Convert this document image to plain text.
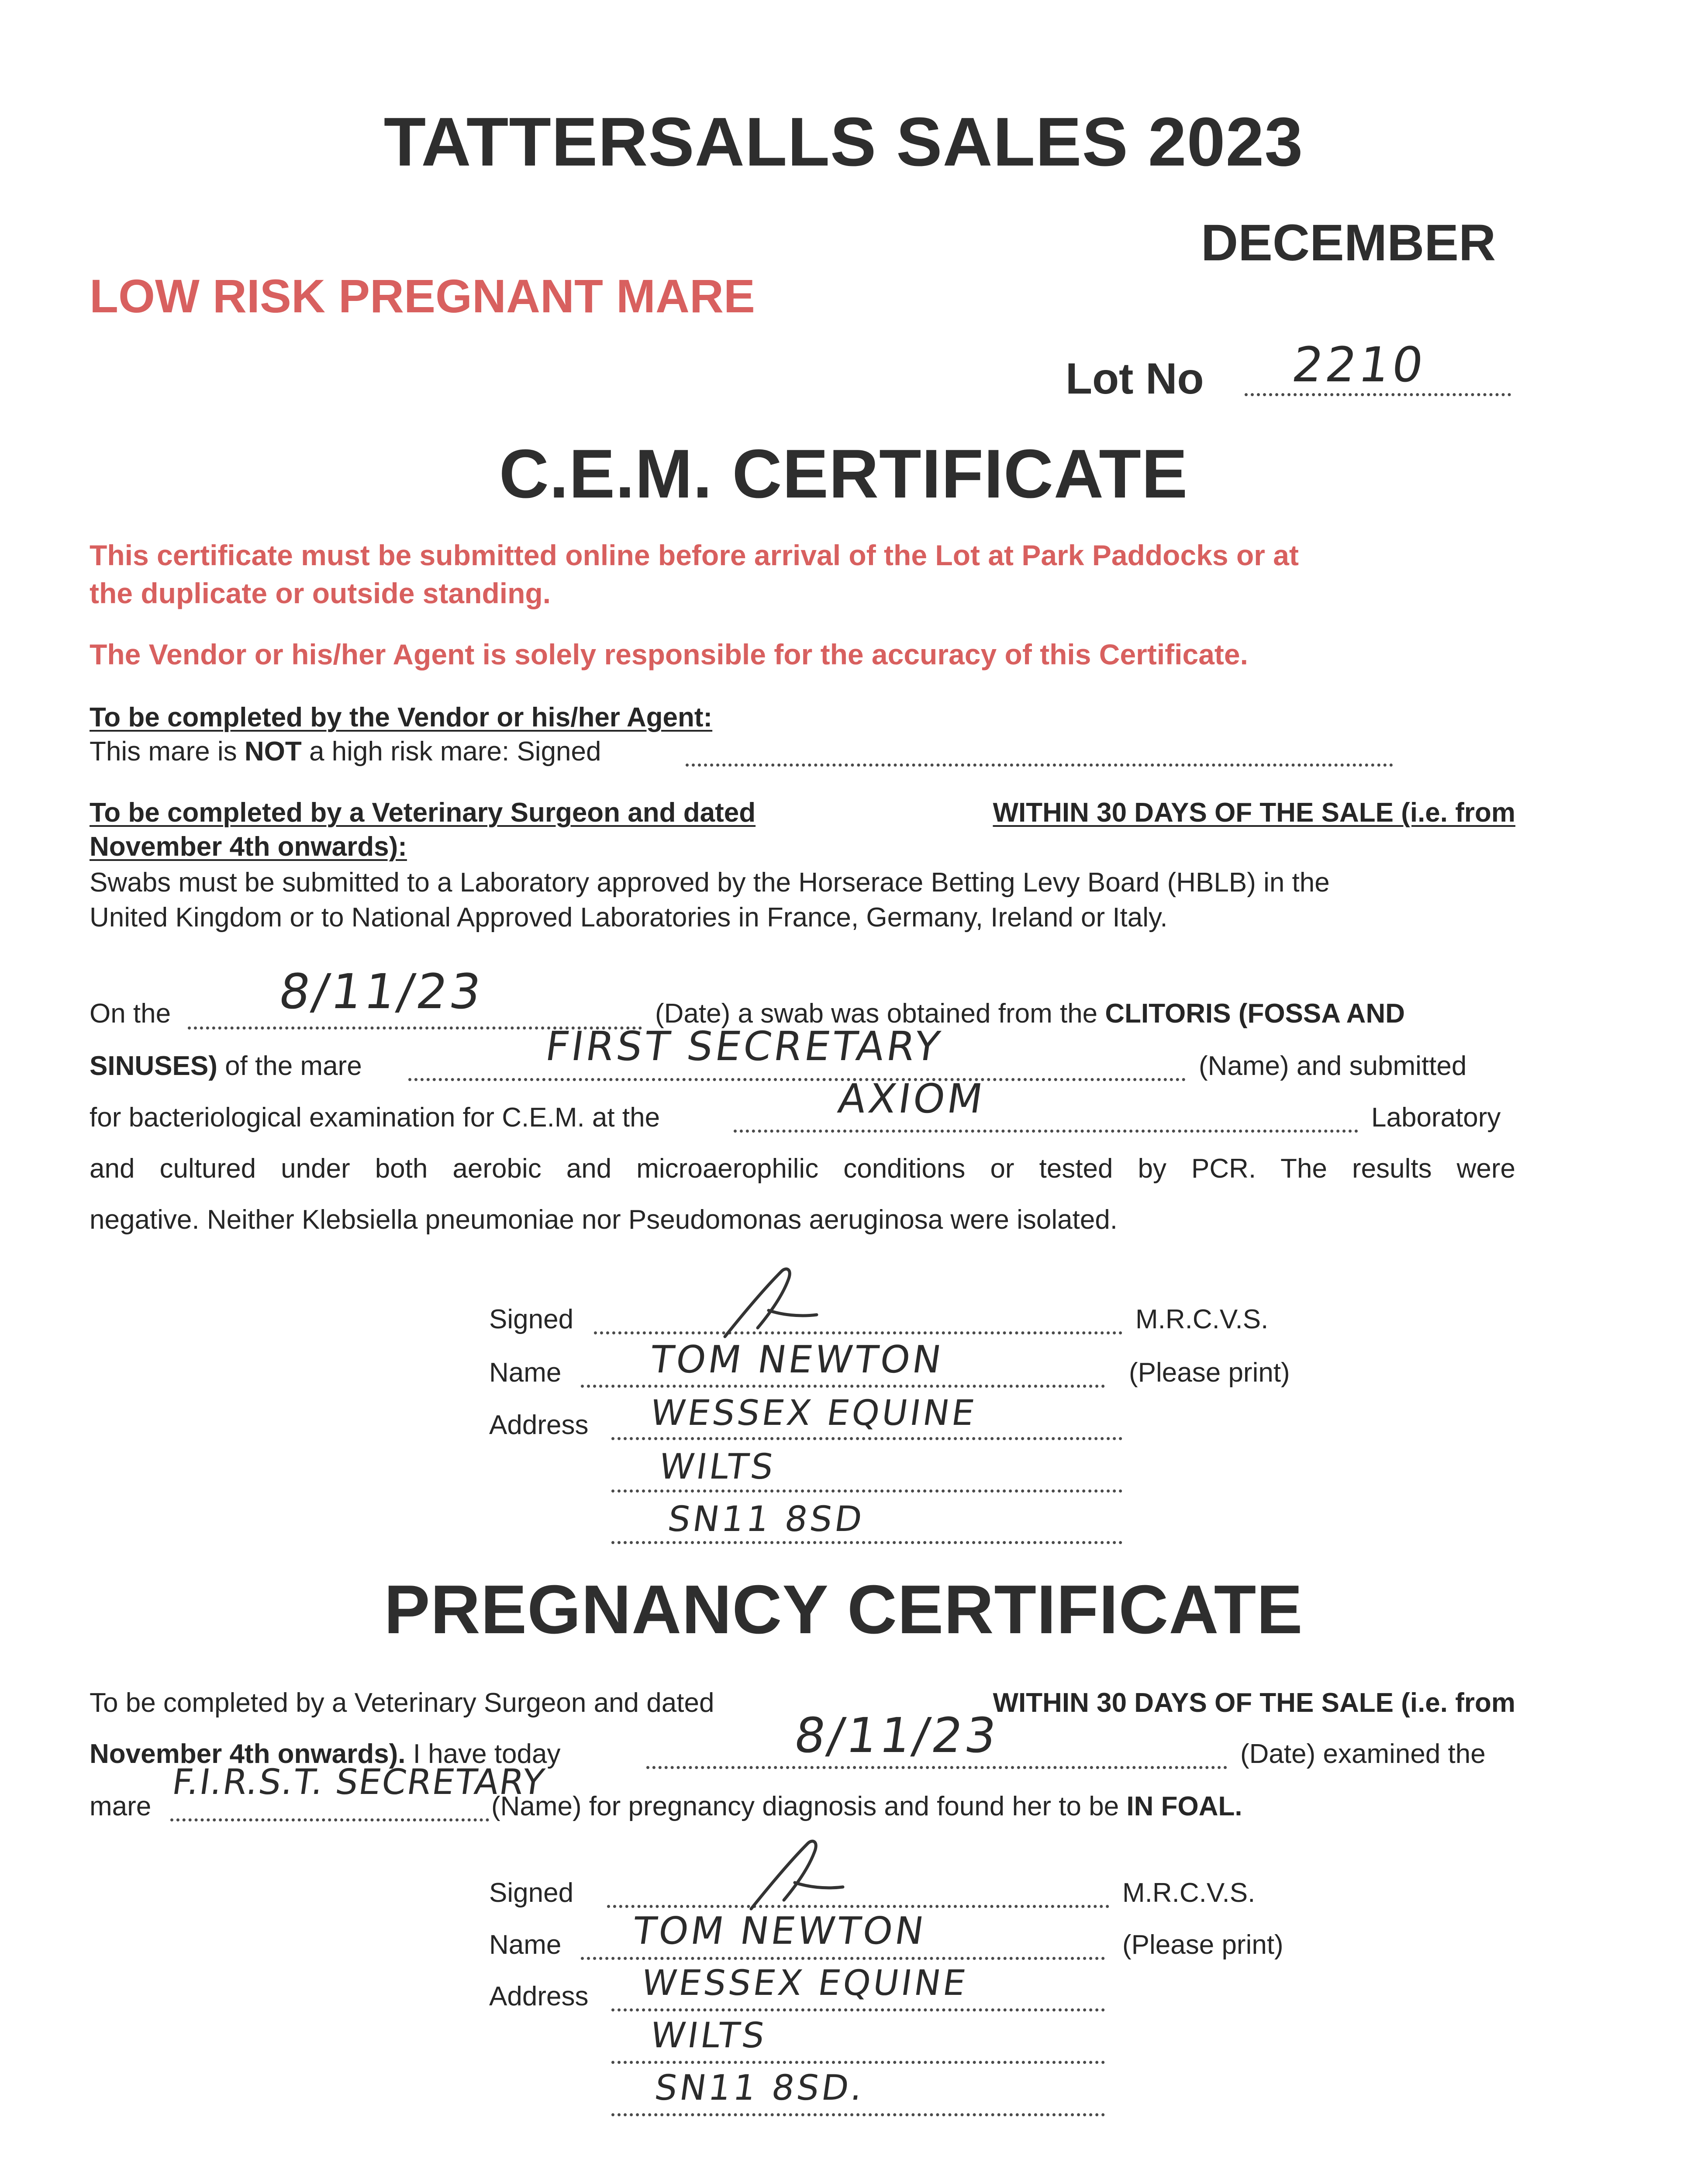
TATTERSALLS SALES 2023
DECEMBER
LOW RISK PREGNANT MARE
Lot No 2210
C.E.M. CERTIFICATE
This certificate must be submitted online before arrival of the Lot at Park Paddocks or at
the duplicate or outside standing.
The Vendor or his/her Agent is solely responsible for the accuracy of this Certificate.
To be completed by the Vendor or his/her Agent:
This mare is NOT a high risk mare: Signed
To be completed by a Veterinary Surgeon and dated	WITHIN 30 DAYS OF THE SALE (i.e. from
November 4th onwards):
Swabs must be submitted to a Laboratory approved by the Horserace Betting Levy Board (HBLB) in the
United Kingdom or to National Approved Laboratories in France, Germany, Ireland or Italy.
On the 8/11/23	(Date) a swab was obtained from the CLITORIS (FOSSA AND
SINUSES) of the mare	FIRST SECRETARY	(Name) and submitted
for bacteriological examination for C.E.M. at the	AXIOM	Laboratory
and cultured under both aerobic and microaerophilic conditions or tested by PCR. The results were
negative. Neither Klebsiella pneumoniae nor Pseudomonas aeruginosa were isolated.
Signed	M.R.C.V.S.
Name TOM NEWTON	(Please print)
Address WESSEX EQUINE
WILTS
SN11 8SD
PREGNANCY CERTIFICATE
To be completed by a Veterinary Surgeon and dated	WITHIN 30 DAYS OF THE SALE (i.e. from
November 4th onwards). I have today	8/11/23	(Date) examined the
mare
F.I.R.S.T. SECRETARY
(Name) for pregnancy diagnosis and found her to be IN FOAL.
Signed	M.R.C.V.S.
Name TOM NEWTON	(Please print)
Address WESSEX EQUINE
WILTS
SN11 8SD.
